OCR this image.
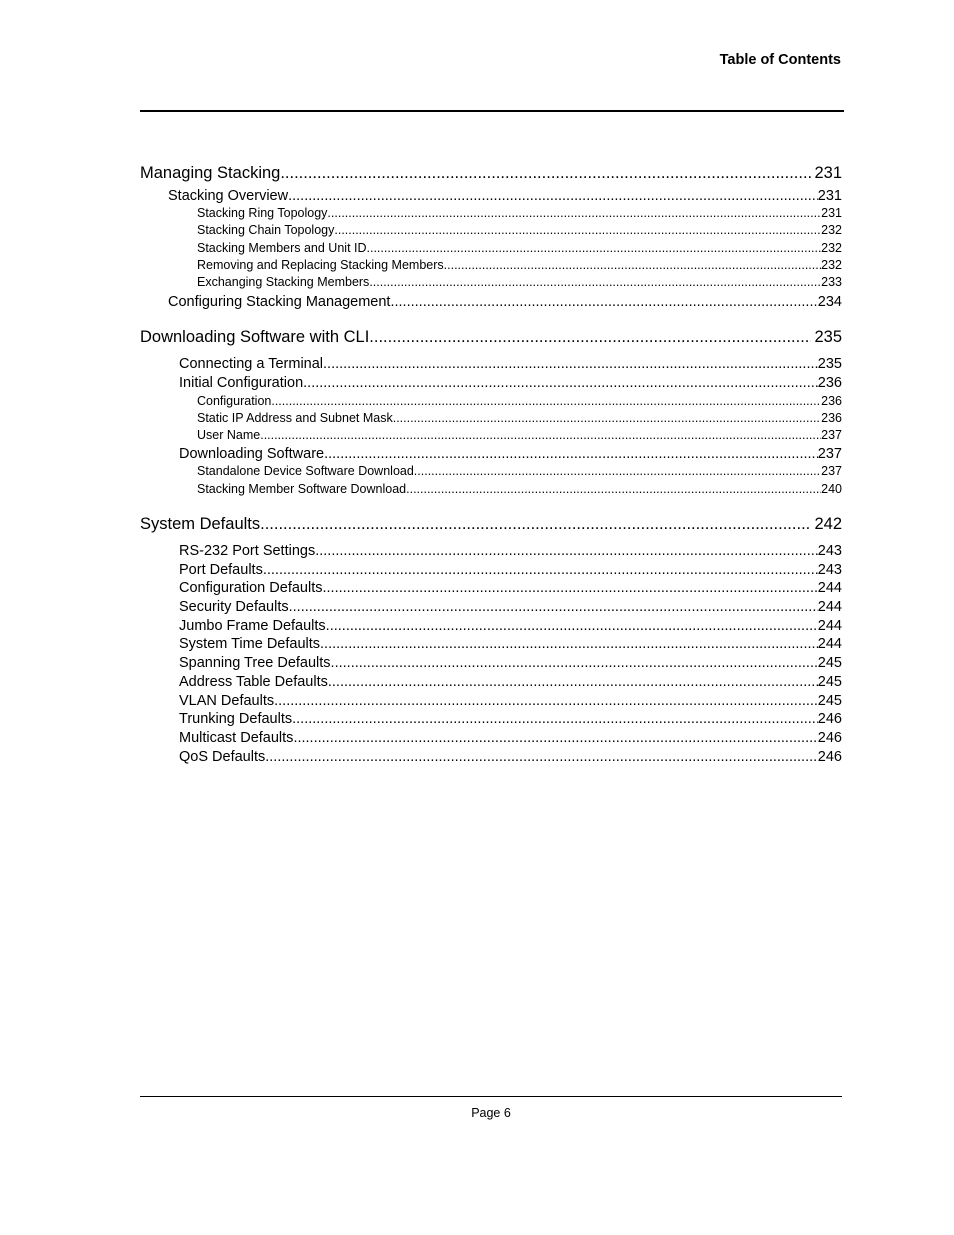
Table of Contents
Managing Stacking .....	231
Stacking Overview .....	231
Stacking Ring Topology .....	231
Stacking Chain Topology .....	232
Stacking Members and Unit ID .....	232
Removing and Replacing Stacking Members .....	232
Exchanging Stacking Members .....	233
Configuring Stacking Management .....	234
Downloading Software with CLI .....	235
Connecting a Terminal .....	235
Initial Configuration .....	236
Configuration .....	236
Static IP Address and Subnet Mask .....	236
User Name .....	237
Downloading Software .....	237
Standalone Device Software Download .....	237
Stacking Member Software Download .....	240
System Defaults .....	242
RS-232 Port Settings .....	243
Port Defaults .....	243
Configuration Defaults .....	244
Security Defaults .....	244
Jumbo Frame Defaults .....	244
System Time Defaults .....	244
Spanning Tree Defaults .....	245
Address Table Defaults .....	245
VLAN Defaults .....	245
Trunking Defaults .....	246
Multicast Defaults .....	246
QoS Defaults .....	246
Page 6
